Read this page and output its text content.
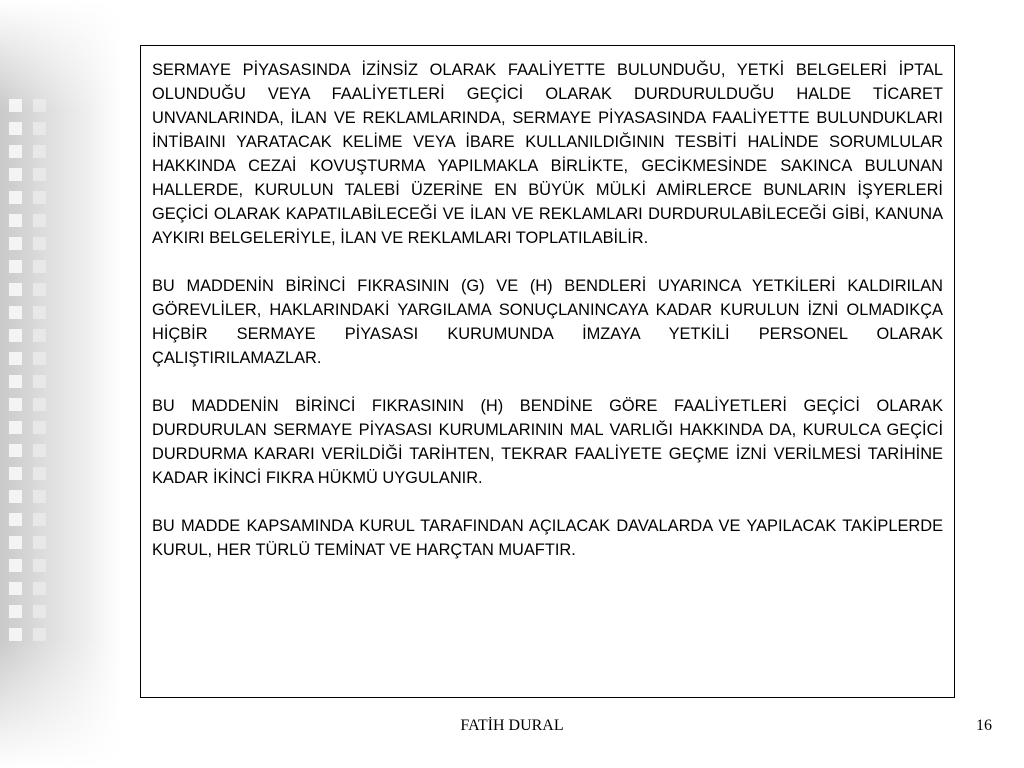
SERMAYE PİYASASINDA İZİNSİZ OLARAK FAALİYETTE BULUNDUĞU, YETKİ BELGELERİ İPTAL OLUNDUĞU VEYA FAALİYETLERİ GEÇİCİ OLARAK DURDURULDUĞU HALDE TİCARET UNVANLARINDA, İLAN VE REKLAMLARINDA, SERMAYE PİYASASINDA FAALİYETTE BULUNDUKLARI İNTİBAINI YARATACAK KELİME VEYA İBARE KULLANILDIĞININ TESBİTİ HALİNDE SORUMLULAR HAKKINDA CEZAİ KOVUŞTURMA YAPILMAKLA BİRLİKTE, GECİKMESİNDE SAKINCA BULUNAN HALLERDE, KURULUN TALEBİ ÜZERİNE EN BÜYÜK MÜLKİ AMİRLERCE BUNLARIN İŞYERLERİ GEÇİCİ OLARAK KAPATILABİLECEĞİ VE İLAN VE REKLAMLARI DURDURULABİLECEĞİ GİBİ, KANUNA AYKIRI BELGELERİYLE, İLAN VE REKLAMLARI TOPLATILABİLİR.

BU MADDENİN BİRİNCİ FIKRASININ (G) VE (H) BENDLERİ UYARINCA YETKİLERİ KALDIRILAN GÖREVLİLER, HAKLARINDAKİ YARGILAMA SONUÇLANINCAYA KADAR KURULUN İZNİ OLMADIKÇA HİÇBİR SERMAYE PİYASASI KURUMUNDA İMZAYA YETKİLİ PERSONEL OLARAK ÇALIŞTIRILAMAZLAR.

BU MADDENİN BİRİNCİ FIKRASININ (H) BENDİNE GÖRE FAALİYETLERİ GEÇİCİ OLARAK DURDURULAN SERMAYE PİYASASI KURUMLARININ MAL VARLIĞI HAKKINDA DA, KURULCA GEÇİCİ DURDURMA KARARI VERİLDİĞİ TARİHTEN, TEKRAR FAALİYETE GEÇME İZNİ VERİLMESİ TARİHİNE KADAR İKİNCİ FIKRA HÜKMÜ UYGULANIR.

BU MADDE KAPSAMINDA KURUL TARAFINDAN AÇILACAK DAVALARDA VE YAPILACAK TAKİPLERDE KURUL, HER TÜRLÜ TEMİNAT VE HARÇTAN MUAFTIR.

FATİH DURAL	16
